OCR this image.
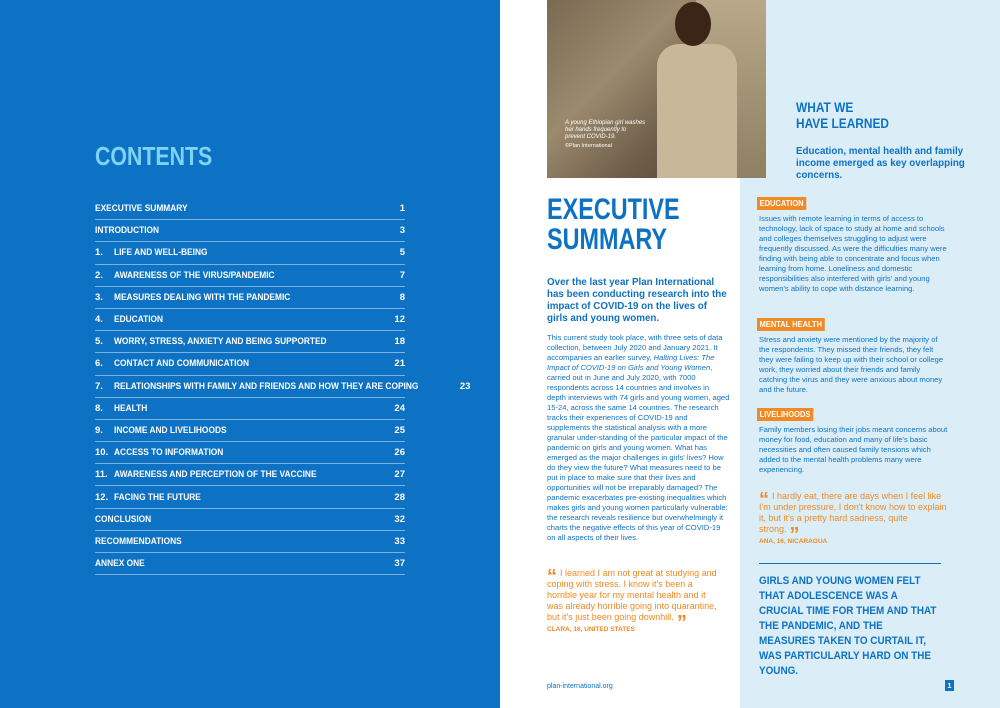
CONTENTS
EXECUTIVE SUMMARY	1
INTRODUCTION	3
1.	LIFE AND WELL-BEING	5
2.	AWARENESS OF THE VIRUS/PANDEMIC	7
3.	MEASURES DEALING WITH THE PANDEMIC	8
4.	EDUCATION	12
5.	WORRY, STRESS, ANXIETY AND BEING SUPPORTED	18
6.	CONTACT AND COMMUNICATION	21
7.	RELATIONSHIPS WITH FAMILY AND FRIENDS AND HOW THEY ARE COPING	23
8.	HEALTH	24
9.	INCOME AND LIVELIHOODS	25
10. ACCESS TO INFORMATION	26
11. AWARENESS AND PERCEPTION OF THE VACCINE	27
12. FACING THE FUTURE	28
CONCLUSION	32
RECOMMENDATIONS	33
ANNEX ONE	37
A young Ethiopian girl washes her hands frequently to prevent COVID-19.
©Plan International
EXECUTIVE
SUMMARY
Over the last year Plan International has been conducting research into the impact of COVID-19 on the lives of girls and young women.
This current study took place, with three sets of data collection, between July 2020 and January 2021. It accompanies an earlier survey, Halting Lives: The Impact of COVID-19 on Girls and Young Women, carried out in June and July 2020, with 7000 respondents across 14 countries and involves in depth interviews with 74 girls and young women, aged 15-24, across the same 14 countries. The research tracks their experiences of COVID-19 and supplements the statistical analysis with a more granular under-standing of the particular impact of the pandemic on girls and young women. What has emerged as the major challenges in girls' lives? How do they view the future? What measures need to be put in place to make sure that their lives and opportunities will not be irreparably damaged? The pandemic exacerbates pre-existing inequalities which makes girls and young women particularly vulnerable: the research reveals resilience but overwhelmingly it charts the negative effects of this year of COVID-19 on all aspects of their lives.
“ I learned I am not great at studying and coping with stress. I know it's been a horrible year for my mental health and it was already horrible going into quarantine, but it's just been going downhill. ”
CLARA, 16, UNITED STATES
plan-international.org
WHAT WE
HAVE LEARNED
Education, mental health and family income emerged as key overlapping concerns.
EDUCATION
Issues with remote learning in terms of access to technology, lack of space to study at home and schools and colleges themselves struggling to adjust were frequently discussed. As were the difficulties many were finding with being able to concentrate and focus when learning from home. Loneliness and domestic responsibilities also interfered with girls' and young women's ability to cope with distance learning.
MENTAL HEALTH
Stress and anxiety were mentioned by the majority of the respondents. They missed their friends, they felt they were failing to keep up with their school or college work, they worried about their friends and family catching the virus and they were anxious about money and the future.
LIVELIHOODS
Family members losing their jobs meant concerns about money for food, education and many of life's basic necessities and often caused family tensions which added to the mental health problems many were experiencing.
“ I hardly eat, there are days when I feel like I'm under pressure, I don't know how to explain it, but it's a pretty hard sadness, quite strong. ”
ANA, 16, NICARAGUA
GIRLS AND YOUNG WOMEN FELT THAT ADOLESCENCE WAS A CRUCIAL TIME FOR THEM AND THAT THE PANDEMIC, AND THE MEASURES TAKEN TO CURTAIL IT, WAS PARTICULARLY HARD ON THE YOUNG.
1
